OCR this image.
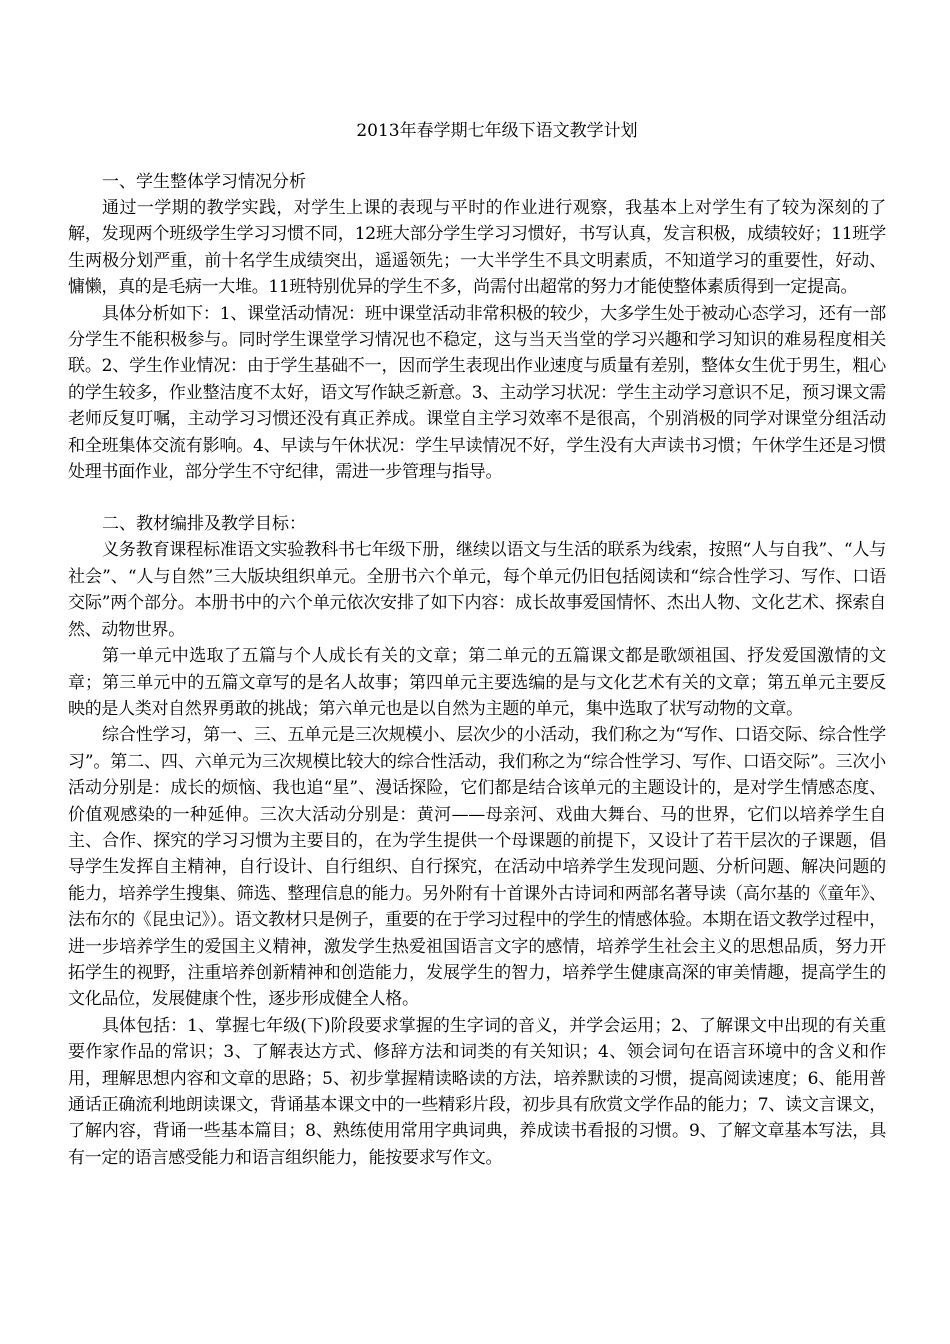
2013年春学期七年级下语文教学计划

一、学生整体学习情况分析

通过一学期的教学实践，对学生上课的表现与平时的作业进行观察，我基本上对学生有了较为深刻的了解，发现两个班级学生学习习惯不同，12班大部分学生学习习惯好，书写认真，发言积极，成绩较好；11班学生两极分划严重，前十名学生成绩突出，遥遥领先；一大半学生不具文明素质，不知道学习的重要性，好动、慵懒，真的是毛病一大堆。11班特别优异的学生不多，尚需付出超常的努力才能使整体素质得到一定提高。

具体分析如下：1、课堂活动情况：班中课堂活动非常积极的较少，大多学生处于被动心态学习，还有一部分学生不能积极参与。同时学生课堂学习情况也不稳定，这与当天当堂的学习兴趣和学习知识的难易程度相关联。2、学生作业情况：由于学生基础不一，因而学生表现出作业速度与质量有差别，整体女生优于男生，粗心的学生较多，作业整洁度不太好，语文写作缺乏新意。3、主动学习状况：学生主动学习意识不足，预习课文需老师反复叮嘱，主动学习习惯还没有真正养成。课堂自主学习效率不是很高，个别消极的同学对课堂分组活动和全班集体交流有影响。4、早读与午休状况：学生早读情况不好，学生没有大声读书习惯；午休学生还是习惯处理书面作业，部分学生不守纪律，需进一步管理与指导。

二、教材编排及教学目标：

义务教育课程标准语文实验教科书七年级下册，继续以语文与生活的联系为线索，按照“人与自我”、“人与社会”、“人与自然”三大版块组织单元。全册书六个单元，每个单元仍旧包括阅读和“综合性学习、写作、口语交际”两个部分。本册书中的六个单元依次安排了如下内容：成长故事爱国情怀、杰出人物、文化艺术、探索自然、动物世界。

第一单元中选取了五篇与个人成长有关的文章；第二单元的五篇课文都是歌颂祖国、抒发爱国激情的文章；第三单元中的五篇文章写的是名人故事；第四单元主要选编的是与文化艺术有关的文章；第五单元主要反映的是人类对自然界勇敢的挑战；第六单元也是以自然为主题的单元，集中选取了状写动物的文章。

综合性学习，第一、三、五单元是三次规模小、层次少的小活动，我们称之为“写作、口语交际、综合性学习”。第二、四、六单元为三次规模比较大的综合性活动，我们称之为“综合性学习、写作、口语交际”。三次小活动分别是：成长的烦恼、我也追“星”、漫话探险，它们都是结合该单元的主题设计的，是对学生情感态度、价值观感染的一种延伸。三次大活动分别是：黄河——母亲河、戏曲大舞台、马的世界，它们以培养学生自主、合作、探究的学习习惯为主要目的，在为学生提供一个母课题的前提下，又设计了若干层次的子课题，倡导学生发挥自主精神，自行设计、自行组织、自行探究，在活动中培养学生发现问题、分析问题、解决问题的能力，培养学生搜集、筛选、整理信息的能力。另外附有十首课外古诗词和两部名著导读（高尔基的《童年》、法布尔的《昆虫记》）。语文教材只是例子，重要的在于学习过程中的学生的情感体验。本期在语文教学过程中，进一步培养学生的爱国主义精神，激发学生热爱祖国语言文字的感情，培养学生社会主义的思想品质，努力开拓学生的视野，注重培养创新精神和创造能力，发展学生的智力，培养学生健康高深的审美情趣，提高学生的文化品位，发展健康个性，逐步形成健全人格。

具体包括：1、掌握七年级(下)阶段要求掌握的生字词的音义，并学会运用；2、了解课文中出现的有关重要作家作品的常识；3、了解表达方式、修辞方法和词类的有关知识；4、领会词句在语言环境中的含义和作用，理解思想内容和文章的思路；5、初步掌握精读略读的方法，培养默读的习惯，提高阅读速度；6、能用普通话正确流利地朗读课文，背诵基本课文中的一些精彩片段，初步具有欣赏文学作品的能力；7、读文言课文，了解内容，背诵一些基本篇目；8、熟练使用常用字典词典，养成读书看报的习惯。9、了解文章基本写法，具有一定的语言感受能力和语言组织能力，能按要求写作文。
